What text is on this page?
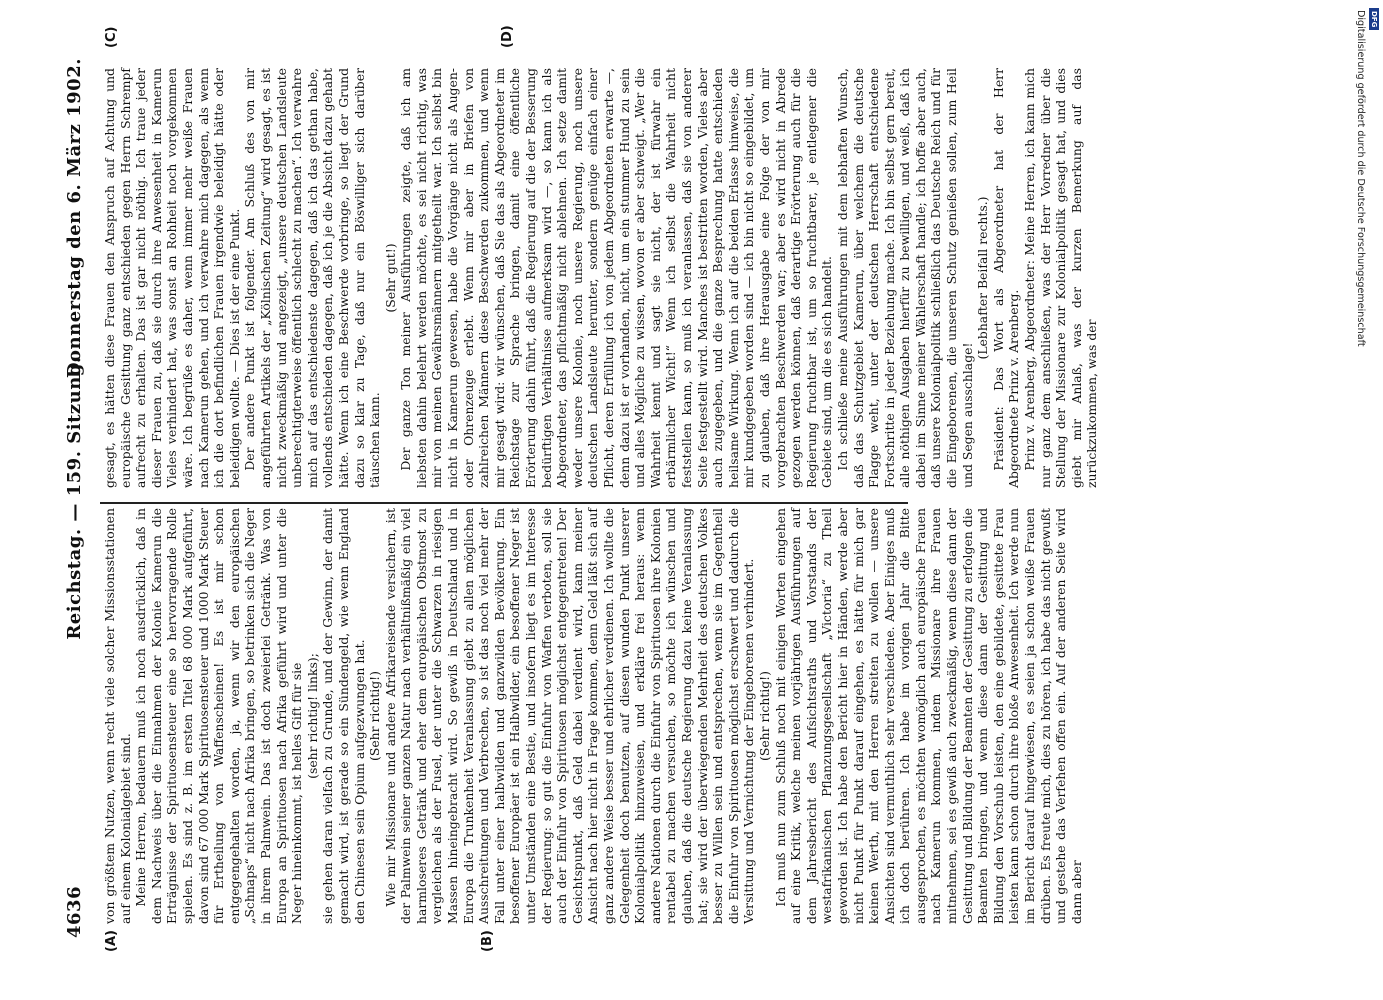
4636
Reichstag. — 159. Sitzung.
Donnerstag den 6. März 1902.
(A)	(B)
(C)	(D)

von größtem Nutzen, wenn recht viele solcher Missionsstationen auf einem Kolonialgebiet sind. Meine Herren, bedauern muß ich noch ausdrücklich, daß in dem Nachweis über die Einnahmen der Kolonie Kamerun die Erträgnisse der Spirituosensteuer eine so hervorragende Rolle spielen. Es sind z. B. im ersten Titel 68 000 Mark aufgeführt, davon sind 67 000 Mark Spirituosensteuer und 1000 Mark Steuer für Ertheilung von Waffenscheinen! Es ist mir schon entgegengehalten worden, ja, wenn wir den europäischen „Schnaps“ nicht nach Afrika bringen, so betrinken sich die Neger in ihrem Palmwein. Das ist doch zweierlei Getränk. Was von Europa an Spirituosen nach Afrika geführt wird und unter die Neger hineinkommt, ist helles Gift für sie (sehr richtig! links); sie gehen daran vielfach zu Grunde, und der Gewinn, der damit gemacht wird, ist gerade so ein Sündengeld, wie wenn England den Chinesen sein Opium aufgezwungen hat. (Sehr richtig!) Wie mir Missionare und andere Afrikareisende versichern, ist der Palmwein seiner ganzen Natur nach verhältnißmäßig ein viel harmloseres Getränk und eher dem europäischen Obstmost zu vergleichen als der Fusel, der unter die Schwarzen in riesigen Massen hineingebracht wird. So gewiß in Deutschland und in Europa die Trunkenheit Veranlassung giebt zu allen möglichen Ausschreitungen und Verbrechen, so ist das noch viel mehr der Fall unter einer halbwilden und ganzwilden Bevölkerung. Ein besoffener Europäer ist ein Halbwilder, ein besoffener Neger ist unter Umständen eine Bestie, und insofern liegt es im Interesse der Regierung: so gut die Einfuhr von Waffen verboten, soll sie auch der Einfuhr von Spirituosen möglichst entgegentreten! Der Gesichtspunkt, daß Geld dabei verdient wird, kann meiner Ansicht nach hier nicht in Frage kommen, denn Geld läßt sich auf ganz andere Weise besser und ehrlicher verdienen. Ich wollte die Gelegenheit doch benutzen, auf diesen wunden Punkt unserer Kolonialpolitik hinzuweisen, und erkläre frei heraus: wenn andere Nationen durch die Einfuhr von Spirituosen ihre Kolonien rentabel zu machen versuchen, so möchte ich wünschen und glauben, daß die deutsche Regierung dazu keine Veranlassung hat; sie wird der überwiegenden Mehrheit des deutschen Volkes besser zu Willen sein und entsprechen, wenn sie im Gegentheil die Einfuhr von Spirituosen möglichst erschwert und dadurch die Versittung und Vernichtung der Eingeborenen verhindert. (Sehr richtig!) Ich muß nun zum Schluß noch mit einigen Worten eingehen auf eine Kritik, welche meinen vorjährigen Ausführungen auf dem Jahresbericht des Aufsichtsraths und Vorstands der westafrikanischen Pflanzungsgesellschaft „Victoria“ zu Theil geworden ist. Ich habe den Bericht hier in Händen, werde aber nicht Punkt für Punkt darauf eingehen, es hätte für mich gar keinen Werth, mit den Herren streiten zu wollen — unsere Ansichten sind vermuthlich sehr verschiedene. Aber Einiges muß ich doch berühren. Ich habe im vorigen Jahr die Bitte ausgesprochen, es möchten womöglich auch europäische Frauen nach Kamerun kommen, indem Missionare ihre Frauen mitnehmen, sei es gewiß auch zweckmäßig, wenn diese dann der Gesittung und Bildung der Beamten der Gesittung zu erfolgen die Beamten bringen, und wenn diese dann der Gesittung und Bildung den Vorschub leisten, den eine gebildete, gesittete Frau leisten kann schon durch ihre bloße Anwesenheit. Ich werde nun im Bericht darauf hingewiesen, es seien ja schon weiße Frauen drüben. Es freute mich, dies zu hören, ich habe das nicht gewußt und gestehe das Verfehen offen ein. Auf der anderen Seite wird dann aber

gesagt, es hätten diese Frauen den Anspruch auf Achtung und europäische Gesittung ganz entschieden gegen Herrn Schrempf aufrecht zu erhalten. Das ist gar nicht nöthig. Ich traue jeder dieser Frauen zu, daß sie durch ihre Anwesenheit in Kamerun Vieles verhindert hat, was sonst an Rohheit noch vorgekommen wäre. Ich begrüße es daher, wenn immer mehr weiße Frauen nach Kamerun gehen, und ich verwahre mich dagegen, als wenn ich die dort befindlichen Frauen irgendwie beleidigt hätte oder beleidigen wollte. — Dies ist der eine Punkt. Der andere Punkt ist folgender. Am Schluß des von mir angeführten Artikels der „Kölnischen Zeitung“ wird gesagt, es ist nicht zweckmäßig und angezeigt, „unsere deutschen Landsleute unberechtigterweise öffentlich schlecht zu machen“. Ich verwahre mich auf das entschiedenste dagegen, daß ich das gethan habe, vollends entschieden dagegen, daß ich je die Absicht dazu gehabt hätte. Wenn ich eine Beschwerde vorbringe, so liegt der Grund dazu so klar zu Tage, daß nur ein Böswilliger sich darüber täuschen kann.

(Sehr gut!) Der ganze Ton meiner Ausführungen zeigte, daß ich am liebsten dahin belehrt werden möchte, es sei nicht richtig, was mir von meinen Gewährsmännern mitgetheilt war. Ich selbst bin nicht in Kamerun gewesen, habe die Vorgänge nicht als Augen- oder Ohrenzeuge erlebt. Wenn mir aber in Briefen von zahlreichen Männern diese Beschwerden zukommen, und wenn mir gesagt wird: wir wünschen, daß Sie das als Abgeordneter im Reichstage zur Sprache bringen, damit eine öffentliche Erörterung dahin führt, daß die Regierung auf die der Besserung bedürftigen Verhältnisse aufmerksam wird —, so kann ich als Abgeordneter, das pflichtmäßig nicht ablehnen. Ich setze damit weder unsere Kolonie, noch unsere Regierung, noch unsere deutschen Landsleute herunter, sondern genüge einfach einer Pflicht, deren Erfüllung ich von jedem Abgeordneten erwarte —, denn dazu ist er vorhanden, nicht, um ein stummer Hund zu sein und alles Mögliche zu wissen, wovon er aber schweigt. „Wer die Wahrheit kennt und sagt sie nicht, der ist fürwahr ein erbärmlicher Wicht!“ Wenn ich selbst die Wahrheit nicht feststellen kann, so muß ich veranlassen, daß sie von anderer Seite festgestellt wird. Manches ist bestritten worden, Vieles aber auch zugegeben, und die ganze Besprechung hatte entschieden heilsame Wirkung. Wenn ich auf die beiden Erlasse hinweise, die mir kundgegeben worden sind — ich bin nicht so eingebildet, um zu glauben, daß ihre Herausgabe eine Folge der von mir vorgebrachten Beschwerden war; aber es wird nicht in Abrede gezogen werden können, daß derartige Erörterung auch für die Regierung fruchtbar ist, um so fruchtbarer, je entlegener die Gebiete sind, um die es sich handelt. Ich schließe meine Ausführungen mit dem lebhaften Wunsch, daß das Schutzgebiet Kamerun, über welchem die deutsche Flagge weht, unter der deutschen Herrschaft entschiedene Fortschritte in jeder Beziehung mache. Ich bin selbst gern bereit, alle nöthigen Ausgaben hierfür zu bewilligen, und weiß, daß ich dabei im Sinne meiner Wählerschaft handle; ich hoffe aber auch, daß unsere Kolonialpolitik schließlich das Deutsche Reich und für die Eingeborenen, die unseren Schutz genießen sollen, zum Heil und Segen ausschlage!

(Lebhafter Beifall rechts.) Präsident: Das Wort als Abgeordneter hat der Herr Abgeordnete Prinz v. Arenberg. Prinz v. Arenberg, Abgeordneter: Meine Herren, ich kann mich nur ganz dem anschließen, was der Herr Vorredner über die Stellung der Missionare zur Kolonialpolitik gesagt hat, und dies giebt mir Anlaß, was der kurzen Bemerkung auf das zurückzukommen, was der

DFG
Digitalisierung gefördert durch die Deutsche Forschungsgemeinschaft
